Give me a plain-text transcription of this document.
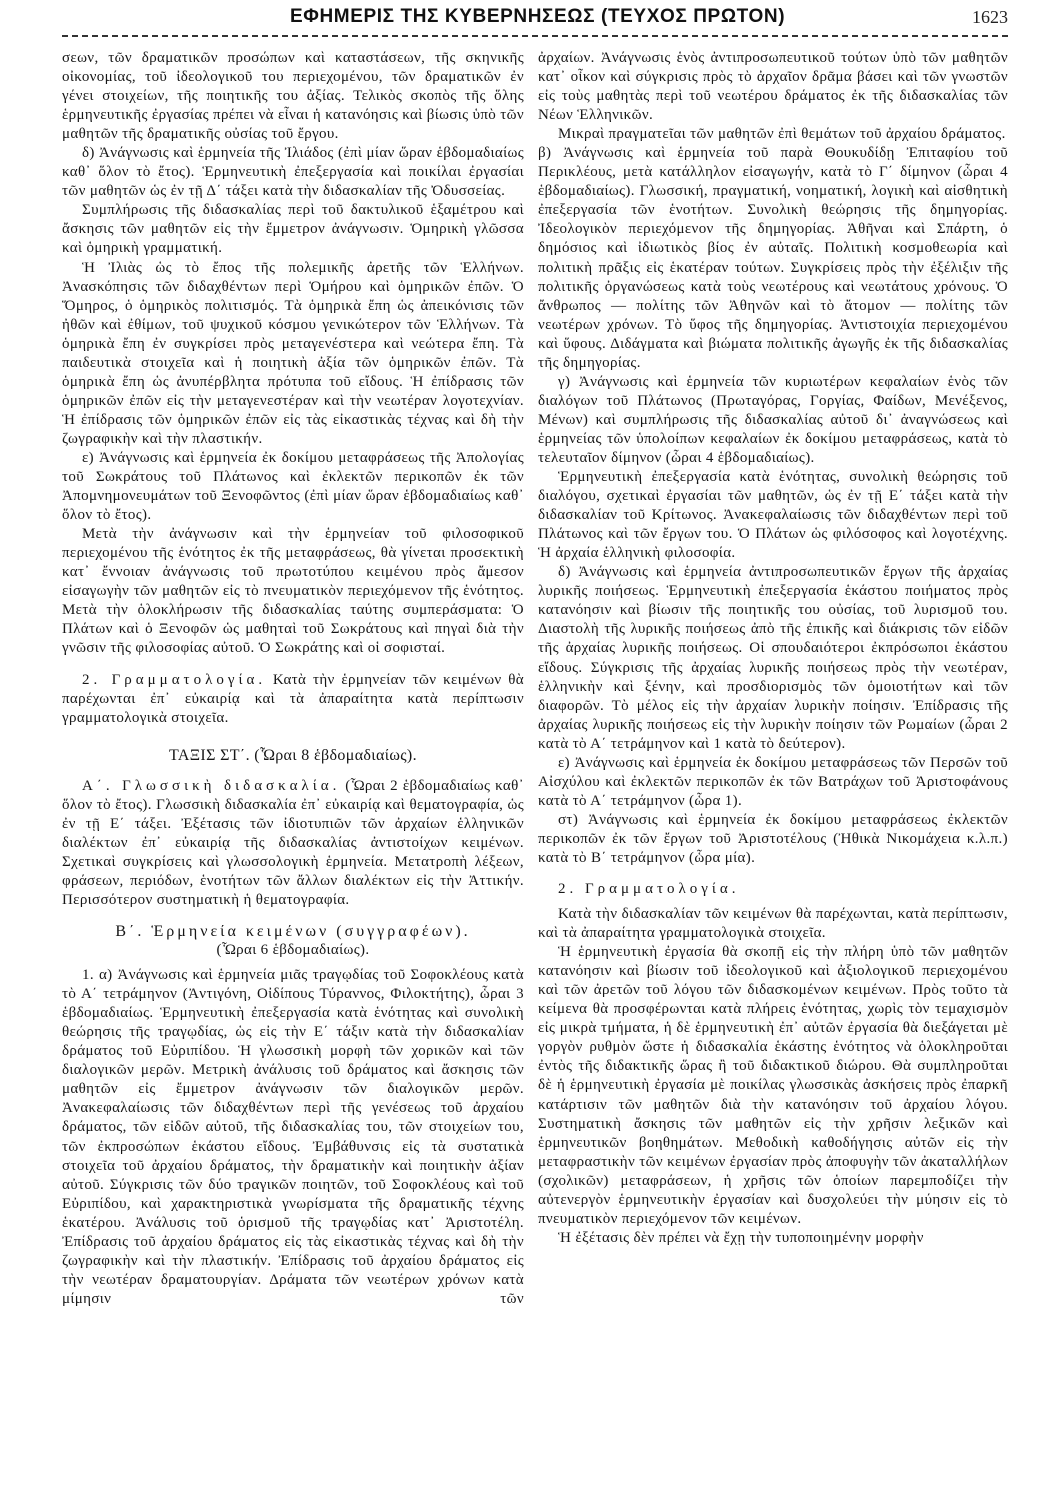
ΕΦΗΜΕΡΙΣ ΤΗΣ ΚΥΒΕΡΝΗΣΕΩΣ (ΤΕΥΧΟΣ ΠΡΩΤΟΝ)	1623

σεων, τῶν δραματικῶν προσώπων καὶ καταστάσεων, τῆς σκηνικῆς οἰκονομίας, τοῦ ἰδεολογικοῦ του περιεχομένου, τῶν δραματικῶν ἐν γένει στοιχείων, τῆς ποιητικῆς του ἀξίας. Τελικὸς σκοπὸς τῆς ὅλης ἑρμηνευτικῆς ἐργασίας πρέπει νὰ εἶναι ἡ κατανόησις καὶ βίωσις ὑπὸ τῶν μαθητῶν τῆς δραματικῆς οὐσίας τοῦ ἔργου.

δ) Ἀνάγνωσις καὶ ἑρμηνεία τῆς Ἰλιάδος (ἐπὶ μίαν ὥραν ἑβδομαδιαίως καθ᾽ ὅλον τὸ ἔτος). Ἑρμηνευτικὴ ἐπεξεργασία καὶ ποικίλαι ἐργασίαι τῶν μαθητῶν ὡς ἐν τῇ Δ΄ τάξει κατὰ τὴν διδασκαλίαν τῆς Ὀδυσσείας.

Συμπλήρωσις τῆς διδασκαλίας περὶ τοῦ δακτυλικοῦ ἑξαμέτρου καὶ ἄσκησις τῶν μαθητῶν εἰς τὴν ἔμμετρον ἀνάγνωσιν. Ὁμηρικὴ γλῶσσα καὶ ὁμηρικὴ γραμματική.

Ἡ Ἰλιὰς ὡς τὸ ἔπος τῆς πολεμικῆς ἀρετῆς τῶν Ἑλλήνων. Ἀνασκόπησις τῶν διδαχθέντων περὶ Ὁμήρου καὶ ὁμηρικῶν ἐπῶν. Ὁ Ὅμηρος, ὁ ὁμηρικὸς πολιτισμός. Τὰ ὁμηρικὰ ἔπη ὡς ἀπεικόνισις τῶν ἠθῶν καὶ ἐθίμων, τοῦ ψυχικοῦ κόσμου γενικώτερον τῶν Ἑλλήνων. Τὰ ὁμηρικὰ ἔπη ἐν συγκρίσει πρὸς μεταγενέστερα καὶ νεώτερα ἔπη. Τὰ παιδευτικὰ στοιχεῖα καὶ ἡ ποιητικὴ ἀξία τῶν ὁμηρικῶν ἐπῶν. Τὰ ὁμηρικὰ ἔπη ὡς ἀνυπέρβλητα πρότυπα τοῦ εἴδους. Ἡ ἐπίδρασις τῶν ὁμηρικῶν ἐπῶν εἰς τὴν μεταγενεστέραν καὶ τὴν νεωτέραν λογοτεχνίαν. Ἡ ἐπίδρασις τῶν ὁμηρικῶν ἐπῶν εἰς τὰς εἰκαστικὰς τέχνας καὶ δὴ τὴν ζωγραφικὴν καὶ τὴν πλαστικήν.

ε) Ἀνάγνωσις καὶ ἑρμηνεία ἐκ δοκίμου μεταφράσεως τῆς Ἀπολογίας τοῦ Σωκράτους τοῦ Πλάτωνος καὶ ἐκλεκτῶν περικοπῶν ἐκ τῶν Ἀπομνημονευμάτων τοῦ Ξενοφῶντος (ἐπὶ μίαν ὥραν ἑβδομαδιαίως καθ᾽ ὅλον τὸ ἔτος).

Μετὰ τὴν ἀνάγνωσιν καὶ τὴν ἑρμηνείαν τοῦ φιλοσοφικοῦ περιεχομένου τῆς ἑνότητος ἐκ τῆς μεταφράσεως, θὰ γίνεται προσεκτικὴ κατ᾽ ἔννοιαν ἀνάγνωσις τοῦ πρωτοτύπου κειμένου πρὸς ἄμεσον εἰσαγωγὴν τῶν μαθητῶν εἰς τὸ πνευματικὸν περιεχόμενον τῆς ἑνότητος. Μετὰ τὴν ὁλοκλήρωσιν τῆς διδασκαλίας ταύτης συμπεράσματα: Ὁ Πλάτων καὶ ὁ Ξενοφῶν ὡς μαθηταὶ τοῦ Σωκράτους καὶ πηγαὶ διὰ τὴν γνῶσιν τῆς φιλοσοφίας αὐτοῦ. Ὁ Σωκράτης καὶ οἱ σοφισταί.

2. Γραμματολογία. Κατὰ τὴν ἑρμηνείαν τῶν κειμένων θὰ παρέχωνται ἐπ᾽ εὐκαιρίᾳ καὶ τὰ ἀπαραίτητα κατὰ περίπτωσιν γραμματολογικὰ στοιχεῖα.

ΤΑΞΙΣ ΣΤ΄. (Ὧραι 8 ἑβδομαδιαίως).

Α΄. Γλωσσικὴ διδασκαλία. (Ὧραι 2 ἑβδομαδιαίως καθ᾽ ὅλον τὸ ἔτος). Γλωσσικὴ διδασκαλία ἐπ᾽ εὐκαιρίᾳ καὶ θεματογραφία, ὡς ἐν τῇ Ε΄ τάξει. Ἐξέτασις τῶν ἰδιοτυπιῶν τῶν ἀρχαίων ἑλληνικῶν διαλέκτων ἐπ᾽ εὐκαιρίᾳ τῆς διδασκαλίας ἀντιστοίχων κειμένων. Σχετικαὶ συγκρίσεις καὶ γλωσσολογικὴ ἑρμηνεία. Μετατροπὴ λέξεων, φράσεων, περιόδων, ἑνοτήτων τῶν ἄλλων διαλέκτων εἰς τὴν Ἀττικήν. Περισσότερον συστηματικὴ ἡ θεματογραφία.

Β΄. Ἑρμηνεία κειμένων (συγγραφέων).

(Ὧραι 6 ἑβδομαδιαίως).

1. α) Ἀνάγνωσις καὶ ἑρμηνεία μιᾶς τραγῳδίας τοῦ Σοφοκλέους κατὰ τὸ Α΄ τετράμηνον (Ἀντιγόνη, Οἰδίπους Τύραννος, Φιλοκτήτης), ὧραι 3 ἑβδομαδιαίως. Ἑρμηνευτικὴ ἐπεξεργασία κατὰ ἑνότητας καὶ συνολικὴ θεώρησις τῆς τραγῳδίας, ὡς εἰς τὴν Ε΄ τάξιν κατὰ τὴν διδασκαλίαν δράματος τοῦ Εὐριπίδου. Ἡ γλωσσικὴ μορφὴ τῶν χορικῶν καὶ τῶν διαλογικῶν μερῶν. Μετρικὴ ἀνάλυσις τοῦ δράματος καὶ ἄσκησις τῶν μαθητῶν εἰς ἔμμετρον ἀνάγνωσιν τῶν διαλογικῶν μερῶν. Ἀνακεφαλαίωσις τῶν διδαχθέντων περὶ τῆς γενέσεως τοῦ ἀρχαίου δράματος, τῶν εἰδῶν αὐτοῦ, τῆς διδασκαλίας του, τῶν στοιχείων του, τῶν ἐκπροσώπων ἑκάστου εἴδους. Ἐμβάθυνσις εἰς τὰ συστατικὰ στοιχεῖα τοῦ ἀρχαίου δράματος, τὴν δραματικὴν καὶ ποιητικὴν ἀξίαν αὐτοῦ. Σύγκρισις τῶν δύο τραγικῶν ποιητῶν, τοῦ Σοφοκλέους καὶ τοῦ Εὐριπίδου, καὶ χαρακτηριστικὰ γνωρίσματα τῆς δραματικῆς τέχνης ἑκατέρου. Ἀνάλυσις τοῦ ὁρισμοῦ τῆς τραγῳδίας κατ᾽ Ἀριστοτέλη. Ἐπίδρασις τοῦ ἀρχαίου δράματος εἰς τὰς εἰκαστικὰς τέχνας καὶ δὴ τὴν ζωγραφικὴν καὶ τὴν πλαστικήν. Ἐπίδρασις τοῦ ἀρχαίου δράματος εἰς τὴν νεωτέραν δραματουργίαν. Δράματα τῶν νεωτέρων χρόνων κατὰ μίμησιν τῶν

ἀρχαίων. Ἀνάγνωσις ἑνὸς ἀντιπροσωπευτικοῦ τούτων ὑπὸ τῶν μαθητῶν κατ᾽ οἶκον καὶ σύγκρισις πρὸς τὸ ἀρχαῖον δρᾶμα βάσει καὶ τῶν γνωστῶν εἰς τοὺς μαθητὰς περὶ τοῦ νεωτέρου δράματος ἐκ τῆς διδασκαλίας τῶν Νέων Ἑλληνικῶν.

Μικραὶ πραγματεῖαι τῶν μαθητῶν ἐπὶ θεμάτων τοῦ ἀρχαίου δράματος.

β) Ἀνάγνωσις καὶ ἑρμηνεία τοῦ παρὰ Θουκυδίδῃ Ἐπιταφίου τοῦ Περικλέους, μετὰ κατάλληλον εἰσαγωγήν, κατὰ τὸ Γ΄ δίμηνον (ὧραι 4 ἑβδομαδιαίως). Γλωσσική, πραγματική, νοηματική, λογικὴ καὶ αἰσθητικὴ ἐπεξεργασία τῶν ἑνοτήτων. Συνολικὴ θεώρησις τῆς δημηγορίας. Ἰδεολογικὸν περιεχόμενον τῆς δημηγορίας. Ἀθῆναι καὶ Σπάρτη, ὁ δημόσιος καὶ ἰδιωτικὸς βίος ἐν αὐταῖς. Πολιτικὴ κοσμοθεωρία καὶ πολιτικὴ πρᾶξις εἰς ἑκατέραν τούτων. Συγκρίσεις πρὸς τὴν ἐξέλιξιν τῆς πολιτικῆς ὀργανώσεως κατὰ τοὺς νεωτέρους καὶ νεωτάτους χρόνους. Ὁ ἄνθρωπος — πολίτης τῶν Ἀθηνῶν καὶ τὸ ἄτομον — πολίτης τῶν νεωτέρων χρόνων. Τὸ ὕφος τῆς δημηγορίας. Ἀντιστοιχία περιεχομένου καὶ ὕφους. Διδάγματα καὶ βιώματα πολιτικῆς ἀγωγῆς ἐκ τῆς διδασκαλίας τῆς δημηγορίας.

γ) Ἀνάγνωσις καὶ ἑρμηνεία τῶν κυριωτέρων κεφαλαίων ἑνὸς τῶν διαλόγων τοῦ Πλάτωνος (Πρωταγόρας, Γοργίας, Φαίδων, Μενέξενος, Μένων) καὶ συμπλήρωσις τῆς διδασκαλίας αὐτοῦ δι᾽ ἀναγνώσεως καὶ ἑρμηνείας τῶν ὑπολοίπων κεφαλαίων ἐκ δοκίμου μεταφράσεως, κατὰ τὸ τελευταῖον δίμηνον (ὧραι 4 ἑβδομαδιαίως).

Ἑρμηνευτικὴ ἐπεξεργασία κατὰ ἑνότητας, συνολικὴ θεώρησις τοῦ διαλόγου, σχετικαὶ ἐργασίαι τῶν μαθητῶν, ὡς ἐν τῇ Ε΄ τάξει κατὰ τὴν διδασκαλίαν τοῦ Κρίτωνος. Ἀνακεφαλαίωσις τῶν διδαχθέντων περὶ τοῦ Πλάτωνος καὶ τῶν ἔργων του. Ὁ Πλάτων ὡς φιλόσοφος καὶ λογοτέχνης. Ἡ ἀρχαία ἑλληνικὴ φιλοσοφία.

δ) Ἀνάγνωσις καὶ ἑρμηνεία ἀντιπροσωπευτικῶν ἔργων τῆς ἀρχαίας λυρικῆς ποιήσεως. Ἑρμηνευτικὴ ἐπεξεργασία ἑκάστου ποιήματος πρὸς κατανόησιν καὶ βίωσιν τῆς ποιητικῆς του οὐσίας, τοῦ λυρισμοῦ του. Διαστολὴ τῆς λυρικῆς ποιήσεως ἀπὸ τῆς ἐπικῆς καὶ διάκρισις τῶν εἰδῶν τῆς ἀρχαίας λυρικῆς ποιήσεως. Οἱ σπουδαιότεροι ἐκπρόσωποι ἑκάστου εἴδους. Σύγκρισις τῆς ἀρχαίας λυρικῆς ποιήσεως πρὸς τὴν νεωτέραν, ἑλληνικὴν καὶ ξένην, καὶ προσδιορισμὸς τῶν ὁμοιοτήτων καὶ τῶν διαφορῶν. Τὸ μέλος εἰς τὴν ἀρχαίαν λυρικὴν ποίησιν. Ἐπίδρασις τῆς ἀρχαίας λυρικῆς ποιήσεως εἰς τὴν λυρικὴν ποίησιν τῶν Ρωμαίων (ὧραι 2 κατὰ τὸ Α΄ τετράμηνον καὶ 1 κατὰ τὸ δεύτερον).

ε) Ἀνάγνωσις καὶ ἑρμηνεία ἐκ δοκίμου μεταφράσεως τῶν Περσῶν τοῦ Αἰσχύλου καὶ ἐκλεκτῶν περικοπῶν ἐκ τῶν Βατράχων τοῦ Ἀριστοφάνους κατὰ τὸ Α΄ τετράμηνον (ὧρα 1).

στ) Ἀνάγνωσις καὶ ἑρμηνεία ἐκ δοκίμου μεταφράσεως ἐκλεκτῶν περικοπῶν ἐκ τῶν ἔργων τοῦ Ἀριστοτέλους (Ἠθικὰ Νικομάχεια κ.λ.π.) κατὰ τὸ Β΄ τετράμηνον (ὧρα μία).

2. Γραμματολογία.

Κατὰ τὴν διδασκαλίαν τῶν κειμένων θὰ παρέχωνται, κατὰ περίπτωσιν, καὶ τὰ ἀπαραίτητα γραμματολογικὰ στοιχεῖα.

Ἡ ἑρμηνευτικὴ ἐργασία θὰ σκοπῇ εἰς τὴν πλήρη ὑπὸ τῶν μαθητῶν κατανόησιν καὶ βίωσιν τοῦ ἰδεολογικοῦ καὶ ἀξιολογικοῦ περιεχομένου καὶ τῶν ἀρετῶν τοῦ λόγου τῶν διδασκομένων κειμένων. Πρὸς τοῦτο τὰ κείμενα θὰ προσφέρωνται κατὰ πλήρεις ἑνότητας, χωρὶς τὸν τεμαχισμὸν εἰς μικρὰ τμήματα, ἡ δὲ ἑρμηνευτικὴ ἐπ᾽ αὐτῶν ἐργασία θὰ διεξάγεται μὲ γοργὸν ρυθμὸν ὥστε ἡ διδασκαλία ἑκάστης ἑνότητος νὰ ὁλοκληροῦται ἐντὸς τῆς διδακτικῆς ὥρας ἢ τοῦ διδακτικοῦ διώρου. Θὰ συμπληροῦται δὲ ἡ ἑρμηνευτικὴ ἐργασία μὲ ποικίλας γλωσσικὰς ἀσκήσεις πρὸς ἐπαρκῆ κατάρτισιν τῶν μαθητῶν διὰ τὴν κατανόησιν τοῦ ἀρχαίου λόγου. Συστηματικὴ ἄσκησις τῶν μαθητῶν εἰς τὴν χρῆσιν λεξικῶν καὶ ἑρμηνευτικῶν βοηθημάτων. Μεθοδικὴ καθοδήγησις αὐτῶν εἰς τὴν μεταφραστικὴν τῶν κειμένων ἐργασίαν πρὸς ἀποφυγὴν τῶν ἀκαταλλήλων (σχολικῶν) μεταφράσεων, ἡ χρῆσις τῶν ὁποίων παρεμποδίζει τὴν αὐτενεργὸν ἑρμηνευτικὴν ἐργασίαν καὶ δυσχολεύει τὴν μύησιν εἰς τὸ πνευματικὸν περιεχόμενον τῶν κειμένων.

Ἡ ἐξέτασις δὲν πρέπει νὰ ἔχῃ τὴν τυποποιημένην μορφὴν
